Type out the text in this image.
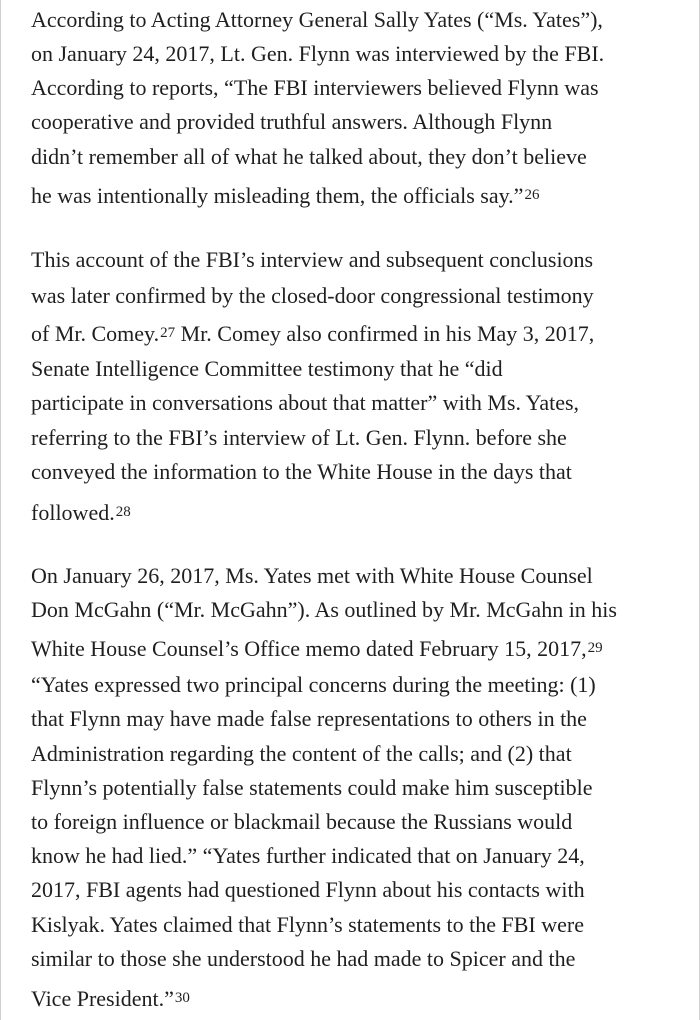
According to Acting Attorney General Sally Yates (“Ms. Yates”),
on January 24, 2017, Lt. Gen. Flynn was interviewed by the FBI.
According to reports, “The FBI interviewers believed Flynn was
cooperative and provided truthful answers. Although Flynn
didn’t remember all of what he talked about, they don’t believe
he was intentionally misleading them, the officials say.”$^{26}$
This account of the FBI’s interview and subsequent conclusions
was later confirmed by the closed-door congressional testimony
of Mr. Comey.$^{27}$ Mr. Comey also confirmed in his May 3, 2017,
Senate Intelligence Committee testimony that he “did
participate in conversations about that matter” with Ms. Yates,
referring to the FBI’s interview of Lt. Gen. Flynn. before she
conveyed the information to the White House in the days that
followed.$^{28}$
On January 26, 2017, Ms. Yates met with White House Counsel
Don McGahn (“Mr. McGahn”). As outlined by Mr. McGahn in his
White House Counsel’s Office memo dated February 15, 2017,29
“Yates expressed two principal concerns during the meeting: (1)
that Flynn may have made false representations to others in the
Administration regarding the content of the calls; and (2) that
Flynn’s potentially false statements could make him susceptible
to foreign influence or blackmail because the Russians would
know he had lied.” “Yates further indicated that on January 24,
2017, FBI agents had questioned Flynn about his contacts with
Kislyak. Yates claimed that Flynn’s statements to the FBI were
similar to those she understood he had made to Spicer and the
Vice President.”$^{30}$
